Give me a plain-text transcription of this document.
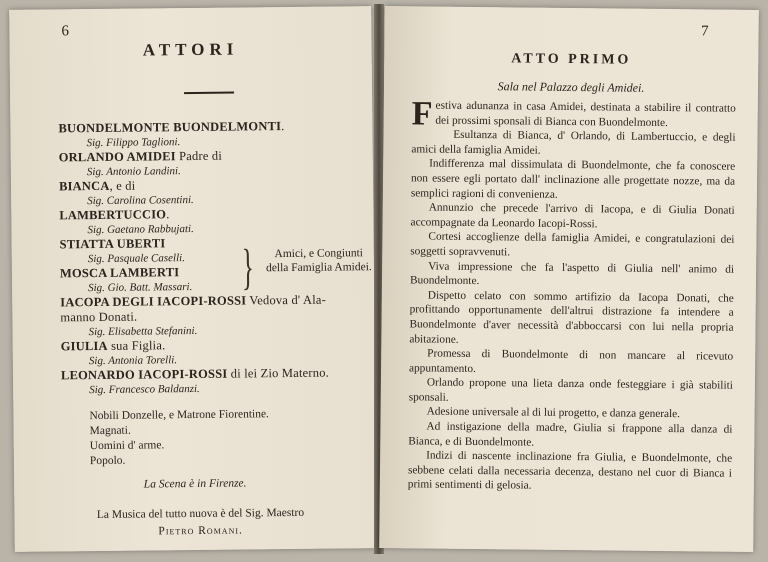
6
ATTORI
BUONDELMONTE BUONDELMONTI.
Sig. Filippo Taglioni.
ORLANDO AMIDEI Padre di
Sig. Antonio Landini.
BIANCA, e di
Sig. Carolina Cosentini.
LAMBERTUCCIO.
Sig. Gaetano Rabbujati.
STIATTA UBERTI
Sig. Pasquale Caselli.
MOSCA LAMBERTI
Sig. Gio. Batt. Massari.
IACOPA DEGLI IACOPI-ROSSI Vedova d' Ala-
manno Donati.
Sig. Elisabetta Stefanini.
GIULIA sua Figlia.
Sig. Antonia Torelli.
LEONARDO IACOPI-ROSSI di lei Zio Materno.
Sig. Francesco Baldanzi.
}	Amici, e Congiunti della Famiglia Amidei.
Nobili Donzelle, e Matrone Fiorentine.
Magnati.
Uomini d' arme.
Popolo.
La Scena è in Firenze.
La Musica del tutto nuova è del Sig. Maestro
Pietro Romani.
7
ATTO PRIMO
Sala nel Palazzo degli Amidei.

Festiva adunanza in casa Amidei, destinata a stabilire il contratto dei prossimi sponsali di Bianca con Buondelmonte.

Esultanza di Bianca, d' Orlando, di Lambertuccio, e degli amici della famiglia Amidei.

Indifferenza mal dissimulata di Buondelmonte, che fa conoscere non essere egli portato dall' inclinazione alle progettate nozze, ma da semplici ragioni di convenienza.

Annunzio che precede l'arrivo di Iacopa, e di Giulia Donati accompagnate da Leonardo Iacopi-Rossi.

Cortesi accoglienze della famiglia Amidei, e congratulazioni dei soggetti sopravvenuti.

Viva impressione che fa l'aspetto di Giulia nell' animo di Buondelmonte.

Dispetto celato con sommo artifizio da Iacopa Donati, che profittando opportunamente dell'altrui distrazione fa intendere a Buondelmonte d'aver necessità d'abboccarsi con lui nella propria abitazione.

Promessa di Buondelmonte di non mancare al ricevuto appuntamento.

Orlando propone una lieta danza onde festeggiare i già stabiliti sponsali.

Adesione universale al di lui progetto, e danza generale.

Ad instigazione della madre, Giulia si frappone alla danza di Bianca, e di Buondelmonte.

Indizi di nascente inclinazione fra Giulia, e Buondelmonte, che sebbene celati dalla necessaria decenza, destano nel cuor di Bianca i primi sentimenti di gelosia.
